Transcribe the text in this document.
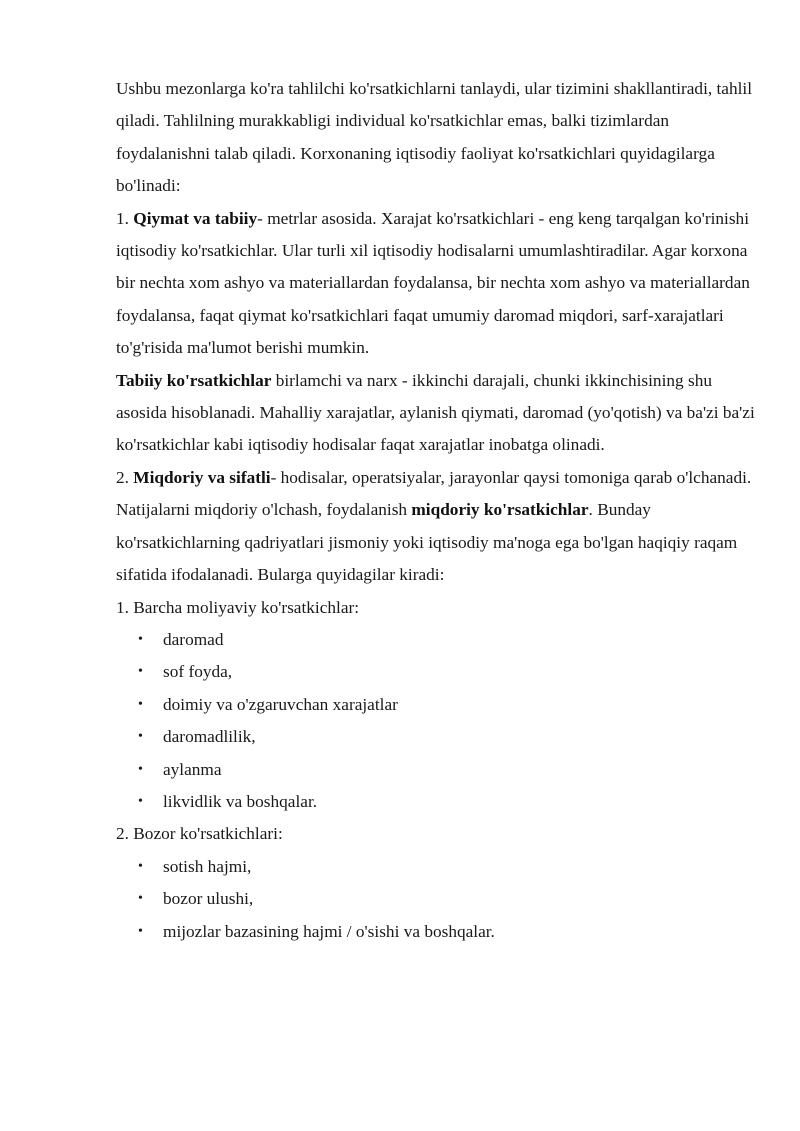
Ushbu mezonlarga ko'ra tahlilchi ko'rsatkichlarni tanlaydi, ular tizimini shakllantiradi, tahlil qiladi. Tahlilning murakkabligi individual ko'rsatkichlar emas, balki tizimlardan foydalanishni talab qiladi. Korxonaning iqtisodiy faoliyat ko'rsatkichlari quyidagilarga bo'linadi:

1. Qiymat va tabiiy- metrlar asosida. Xarajat ko'rsatkichlari - eng keng tarqalgan ko'rinishi iqtisodiy ko'rsatkichlar. Ular turli xil iqtisodiy hodisalarni umumlashtiradilar. Agar korxona bir nechta xom ashyo va materiallardan foydalansa, bir nechta xom ashyo va materiallardan foydalansa, faqat qiymat ko'rsatkichlari faqat umumiy daromad miqdori, sarf-xarajatlari to'g'risida ma'lumot berishi mumkin.

Tabiiy ko'rsatkichlar birlamchi va narx - ikkinchi darajali, chunki ikkinchisining shu asosida hisoblanadi. Mahalliy xarajatlar, aylanish qiymati, daromad (yo'qotish) va ba'zi ba'zi ko'rsatkichlar kabi iqtisodiy hodisalar faqat xarajatlar inobatga olinadi.

2. Miqdoriy va sifatli- hodisalar, operatsiyalar, jarayonlar qaysi tomoniga qarab o'lchanadi. Natijalarni miqdoriy o'lchash, foydalanish miqdoriy ko'rsatkichlar. Bunday ko'rsatkichlarning qadriyatlari jismoniy yoki iqtisodiy ma'noga ega bo'lgan haqiqiy raqam sifatida ifodalanadi. Bularga quyidagilar kiradi:

1. Barcha moliyaviy ko'rsatkichlar:

• daromad
• sof foyda,
• doimiy va o'zgaruvchan xarajatlar
• daromadlilik,
• aylanma
• likvidlik va boshqalar.

2. Bozor ko'rsatkichlari:

• sotish hajmi,
• bozor ulushi,
• mijozlar bazasining hajmi / o'sishi va boshqalar.
